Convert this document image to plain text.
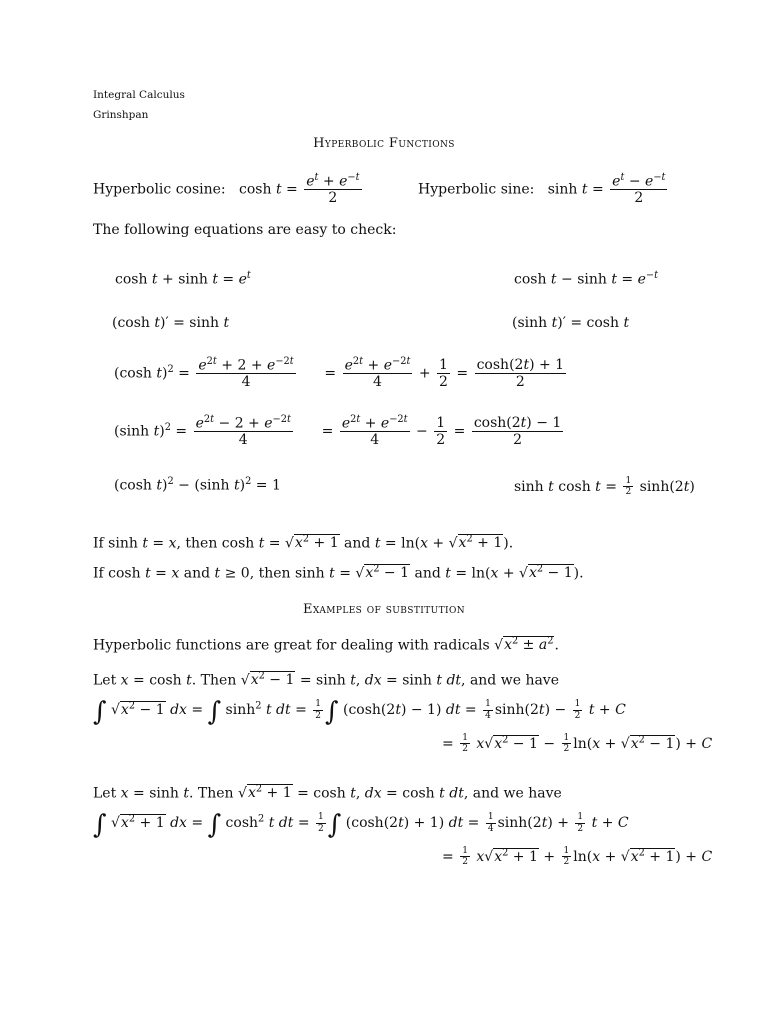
Integral Calculus
Grinshpan
Hyperbolic Functions
Hyperbolic cosine:   $\cosh t = \frac{e^t + e^{-t}}{2}$	Hyperbolic sine:   $\sinh t = \frac{e^t - e^{-t}}{2}$
The following equations are easy to check:
$\cosh t + \sinh t = e^t$	$\cosh t - \sinh t = e^{-t}$
(cosh t)′ = sinh t	(sinh t)′ = cosh t
(cosh $t)^2 = \frac{e^{2t} + 2 + e^{-2t}}{4} = \frac{e^{2t} + e^{-2t}}{4} + \frac{1}{2} = \frac{\cosh(2t) + 1}{2}$
(sinh $t)^2 = \frac{e^{2t} - 2 + e^{-2t}}{4} = \frac{e^{2t} + e^{-2t}}{4} - \frac{1}{2} = \frac{\cosh(2t) - 1}{2}$
(cosh t)$^2$ − (sinh t)$^2$ = 1	sinh t $\cosh t = \frac{1}{2} \sinh(2t)$
If sinh t = x, then $\cosh t = √x^2 + 1$ and $t = \ln(x + √x^2 + 1)$.
If cosh t = x and t ≥ 0, then $\sinh t = √x^2 - 1$ and $t = \ln(x + √x^2 - 1)$.
Examples of substitution
Hyperbolic functions are great for dealing with radicals $√x^2 \pm a^2$.
Let x = cosh t. Then $√x^2 - 1 = \sinh t$, dx = sinh t dt, and we have
∫ $√x^2 - 1$ dx = ∫ $\sinh^2 t$ dt = $\frac{1}{2}$ ∫ (cosh(2t) − 1) dt = $\frac{1}{4} \sinh(2t) - \frac{1}{2}$ t + C
= $\frac{1}{2} x√x^2 - 1 - \frac{1}{2} \ln(x + √x^2 - 1) + C$
Let x = sinh t. Then $√x^2 + 1 = \cosh t$, dx = cosh t dt, and we have
∫ $√x^2 + 1$ dx = ∫ $\cosh^2 t$ dt = $\frac{1}{2}$ ∫ (cosh(2t) + 1) dt = $\frac{1}{4} \sinh(2t) + \frac{1}{2}$ t + C
= $\frac{1}{2} x√x^2 + 1 + \frac{1}{2} \ln(x + √x^2 + 1) + C$
